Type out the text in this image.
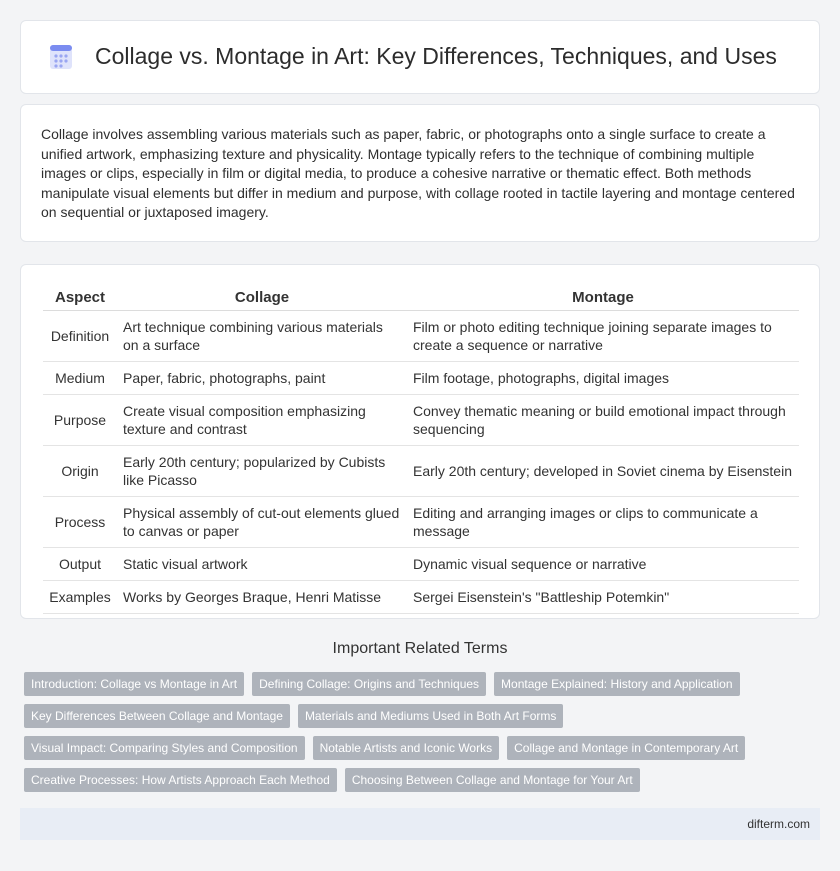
Collage vs. Montage in Art: Key Differences, Techniques, and Uses

Collage involves assembling various materials such as paper, fabric, or photographs onto a single surface to create a unified artwork, emphasizing texture and physicality. Montage typically refers to the technique of combining multiple images or clips, especially in film or digital media, to produce a cohesive narrative or thematic effect. Both methods manipulate visual elements but differ in medium and purpose, with collage rooted in tactile layering and montage centered on sequential or juxtaposed imagery.

Aspect	Collage	Montage
Definition	Art technique combining various materials on a surface	Film or photo editing technique joining separate images to create a sequence or narrative
Medium	Paper, fabric, photographs, paint	Film footage, photographs, digital images
Purpose	Create visual composition emphasizing texture and contrast	Convey thematic meaning or build emotional impact through sequencing
Origin	Early 20th century; popularized by Cubists like Picasso	Early 20th century; developed in Soviet cinema by Eisenstein
Process	Physical assembly of cut-out elements glued to canvas or paper	Editing and arranging images or clips to communicate a message
Output	Static visual artwork	Dynamic visual sequence or narrative
Examples	Works by Georges Braque, Henri Matisse	Sergei Eisenstein's "Battleship Potemkin"
Important Related Terms
Introduction: Collage vs Montage in Art	Defining Collage: Origins and Techniques	Montage Explained: History and Application
Key Differences Between Collage and Montage	Materials and Mediums Used in Both Art Forms
Visual Impact: Comparing Styles and Composition	Notable Artists and Iconic Works	Collage and Montage in Contemporary Art
Creative Processes: How Artists Approach Each Method	Choosing Between Collage and Montage for Your Art
difterm.com
